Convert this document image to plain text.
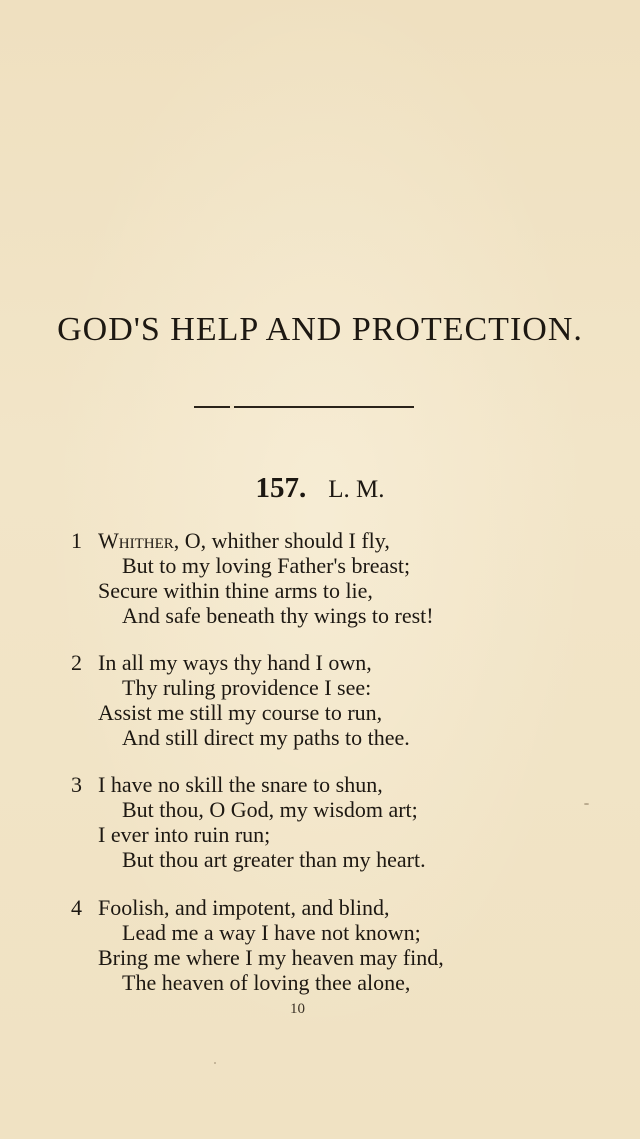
GOD'S HELP AND PROTECTION.
157. L. M.
1 Whither, O, whither should I fly,
But to my loving Father's breast;
Secure within thine arms to lie,
And safe beneath thy wings to rest!
2 In all my ways thy hand I own,
Thy ruling providence I see:
Assist me still my course to run,
And still direct my paths to thee.
3 I have no skill the snare to shun,
But thou, O God, my wisdom art;
I ever into ruin run;
But thou art greater than my heart.
4 Foolish, and impotent, and blind,
Lead me a way I have not known;
Bring me where I my heaven may find,
The heaven of loving thee alone,
10
